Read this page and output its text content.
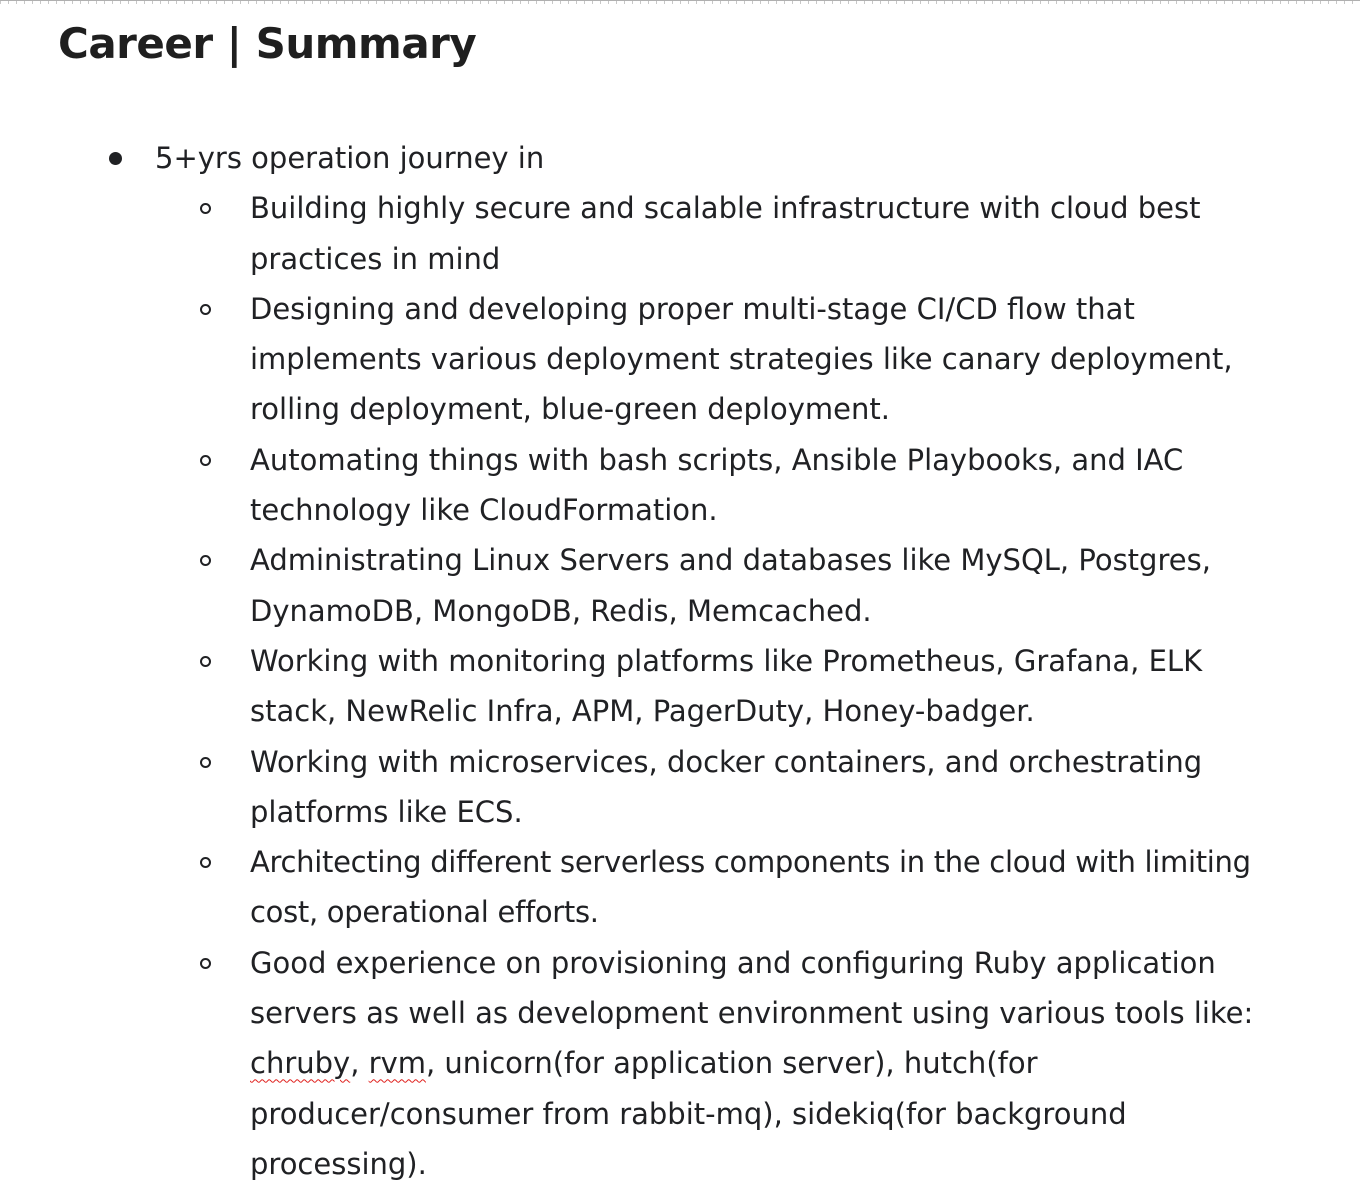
Career | Summary
5+yrs operation journey in
Building highly secure and scalable infrastructure with cloud best practices in mind
Designing and developing proper multi-stage CI/CD flow that implements various deployment strategies like canary deployment, rolling deployment, blue-green deployment.
Automating things with bash scripts, Ansible Playbooks, and IAC technology like CloudFormation.
Administrating Linux Servers and databases like MySQL, Postgres, DynamoDB, MongoDB, Redis, Memcached.
Working with monitoring platforms like Prometheus, Grafana, ELK stack, NewRelic Infra, APM, PagerDuty, Honey-badger.
Working with microservices, docker containers, and orchestrating platforms like ECS.
Architecting different serverless components in the cloud with limiting cost, operational efforts.
Good experience on provisioning and configuring Ruby application servers as well as development environment using various tools like: chruby, rvm, unicorn(for application server), hutch(for producer/consumer from rabbit-mq), sidekiq(for background processing).
